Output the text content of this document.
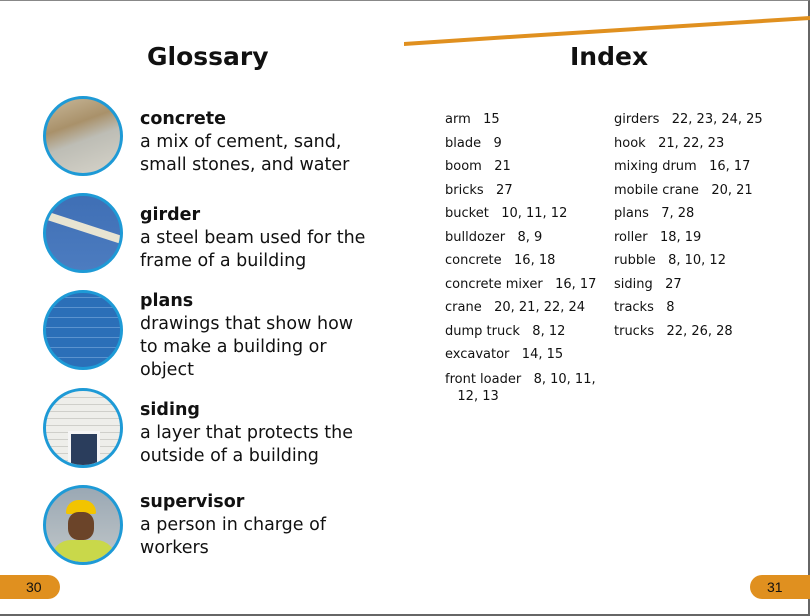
Glossary	Index
concrete
a mix of cement, sand, small stones, and water
girder
a steel beam used for the frame of a building
plans
drawings that show how to make a building or object
siding
a layer that protects the outside of a building
supervisor
a person in charge of workers
arm   15
blade   9
boom   21
bricks   27
bucket   10, 11, 12
bulldozer   8, 9
concrete   16, 18
concrete mixer   16, 17
crane   20, 21, 22, 24
dump truck   8, 12
excavator   14, 15
front loader   8, 10, 11,
12, 13
girders   22, 23, 24, 25
hook   21, 22, 23
mixing drum   16, 17
mobile crane   20, 21
plans   7, 28
roller   18, 19
rubble   8, 10, 12
siding   27
tracks   8
trucks   22, 26, 28
30	31
